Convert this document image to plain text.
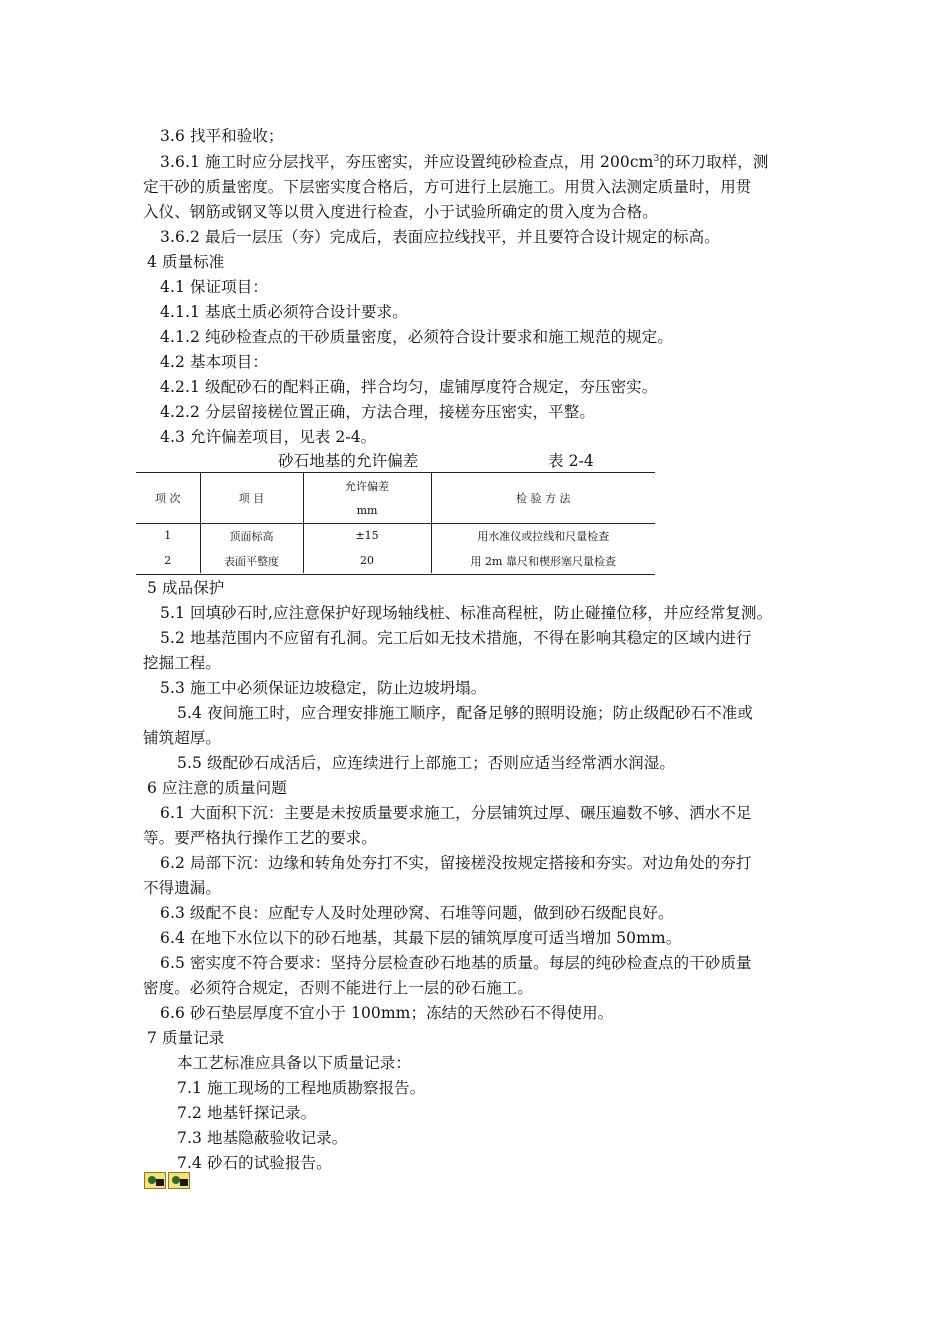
3.6 找平和验收；
3.6.1 施工时应分层找平，夯压密实，并应设置纯砂检查点，用 $200cm^3$的环刀取样，测
定干砂的质量密度。下层密实度合格后，方可进行上层施工。用贯入法测定质量时，用贯
入仪、钢筋或钢叉等以贯入度进行检查，小于试验所确定的贯入度为合格。
3.6.2 最后一层压（夯）完成后，表面应拉线找平，并且要符合设计规定的标高。
4 质量标准
4.1 保证项目：
4.1.1 基底土质必须符合设计要求。
4.1.2 纯砂检查点的干砂质量密度，必须符合设计要求和施工规范的规定。
4.2 基本项目：
4.2.1 级配砂石的配料正确，拌合均匀，虚铺厚度符合规定，夯压密实。
4.2.2 分层留接槎位置正确，方法合理，接槎夯压密实，平整。
4.3 允许偏差项目，见表 2-4。
砂石地基的允许偏差	表 2-4
项 次	项 目	允许偏差	检 验 方 法
		mm	
1	顶面标高	±15	用水准仪或拉线和尺量检查
2	表面平整度	20	用 2m 靠尺和楔形塞尺量检查
5 成品保护
5.1 回填砂石时,应注意保护好现场轴线桩、标准高程桩，防止碰撞位移，并应经常复测。
5.2 地基范围内不应留有孔洞。完工后如无技术措施，不得在影响其稳定的区域内进行
挖掘工程。
5.3 施工中必须保证边坡稳定，防止边坡坍塌。
5.4 夜间施工时，应合理安排施工顺序，配备足够的照明设施；防止级配砂石不准或
铺筑超厚。
5.5 级配砂石成活后，应连续进行上部施工；否则应适当经常洒水润湿。
6 应注意的质量问题
6.1 大面积下沉：主要是未按质量要求施工，分层铺筑过厚、碾压遍数不够、洒水不足
等。要严格执行操作工艺的要求。
6.2 局部下沉：边缘和转角处夯打不实，留接槎没按规定搭接和夯实。对边角处的夯打
不得遗漏。
6.3 级配不良：应配专人及时处理砂窝、石堆等问题，做到砂石级配良好。
6.4 在地下水位以下的砂石地基，其最下层的铺筑厚度可适当增加 50mm。
6.5 密实度不符合要求：坚持分层检查砂石地基的质量。每层的纯砂检查点的干砂质量
密度。必须符合规定，否则不能进行上一层的砂石施工。
6.6 砂石垫层厚度不宜小于 100mm；冻结的天然砂石不得使用。
7 质量记录
本工艺标准应具备以下质量记录：
7.1 施工现场的工程地质勘察报告。
7.2 地基钎探记录。
7.3 地基隐蔽验收记录。
7.4 砂石的试验报告。
